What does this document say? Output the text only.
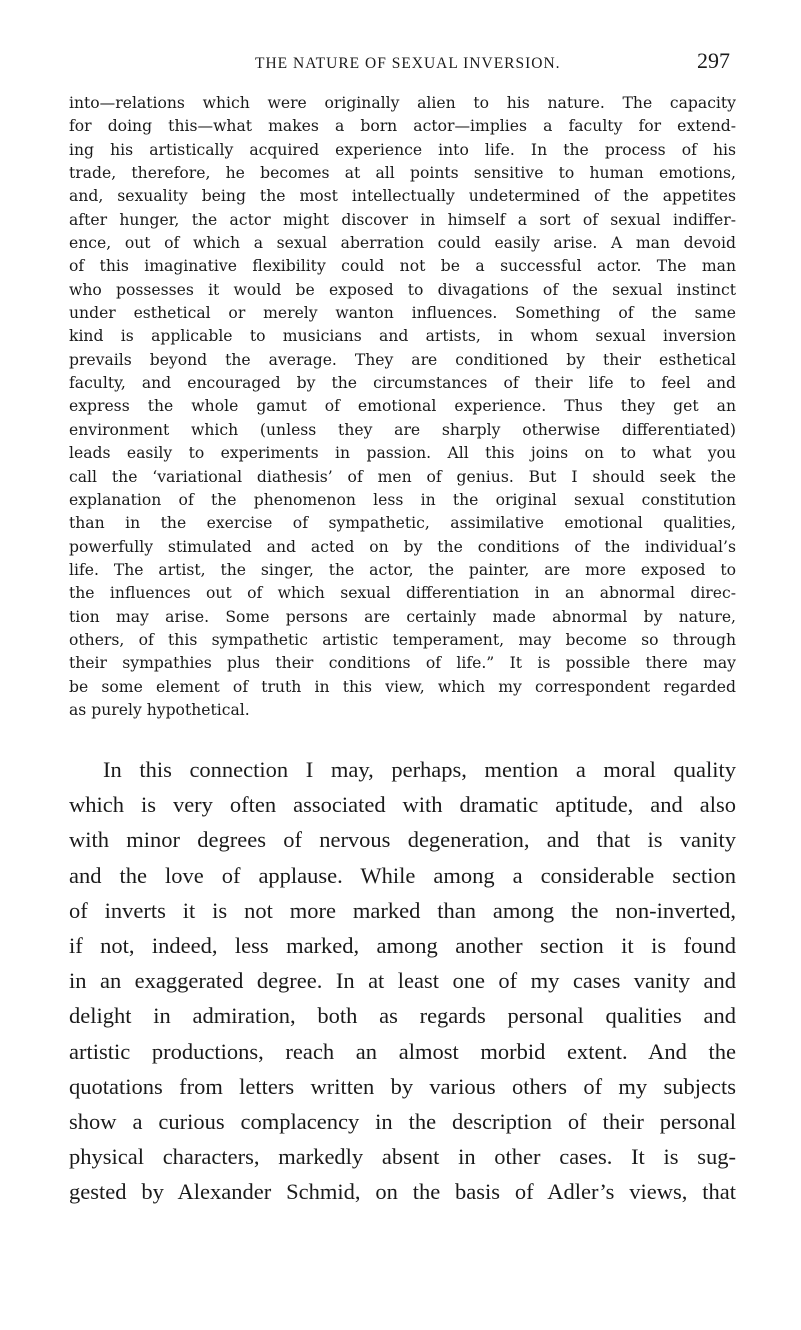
THE NATURE OF SEXUAL INVERSION.	297
into—relations which were originally alien to his nature. The capacity
for doing this—what makes a born actor—implies a faculty for extend-
ing his artistically acquired experience into life. In the process of his
trade, therefore, he becomes at all points sensitive to human emotions,
and, sexuality being the most intellectually undetermined of the appetites
after hunger, the actor might discover in himself a sort of sexual indiffer-
ence, out of which a sexual aberration could easily arise. A man devoid
of this imaginative flexibility could not be a successful actor. The man
who possesses it would be exposed to divagations of the sexual instinct
under esthetical or merely wanton influences. Something of the same
kind is applicable to musicians and artists, in whom sexual inversion
prevails beyond the average. They are conditioned by their esthetical
faculty, and encouraged by the circumstances of their life to feel and
express the whole gamut of emotional experience. Thus they get an
environment which (unless they are sharply otherwise differentiated)
leads easily to experiments in passion. All this joins on to what you
call the ‘variational diathesis’ of men of genius. But I should seek the
explanation of the phenomenon less in the original sexual constitution
than in the exercise of sympathetic, assimilative emotional qualities,
powerfully stimulated and acted on by the conditions of the individual’s
life. The artist, the singer, the actor, the painter, are more exposed to
the influences out of which sexual differentiation in an abnormal direc-
tion may arise. Some persons are certainly made abnormal by nature,
others, of this sympathetic artistic temperament, may become so through
their sympathies plus their conditions of life.” It is possible there may
be some element of truth in this view, which my correspondent regarded
as purely hypothetical.
In this connection I may, perhaps, mention a moral quality
which is very often associated with dramatic aptitude, and also
with minor degrees of nervous degeneration, and that is vanity
and the love of applause. While among a considerable section
of inverts it is not more marked than among the non-inverted,
if not, indeed, less marked, among another section it is found
in an exaggerated degree. In at least one of my cases vanity and
delight in admiration, both as regards personal qualities and
artistic productions, reach an almost morbid extent. And the
quotations from letters written by various others of my subjects
show a curious complacency in the description of their personal
physical characters, markedly absent in other cases. It is sug-
gested by Alexander Schmid, on the basis of Adler’s views, that
